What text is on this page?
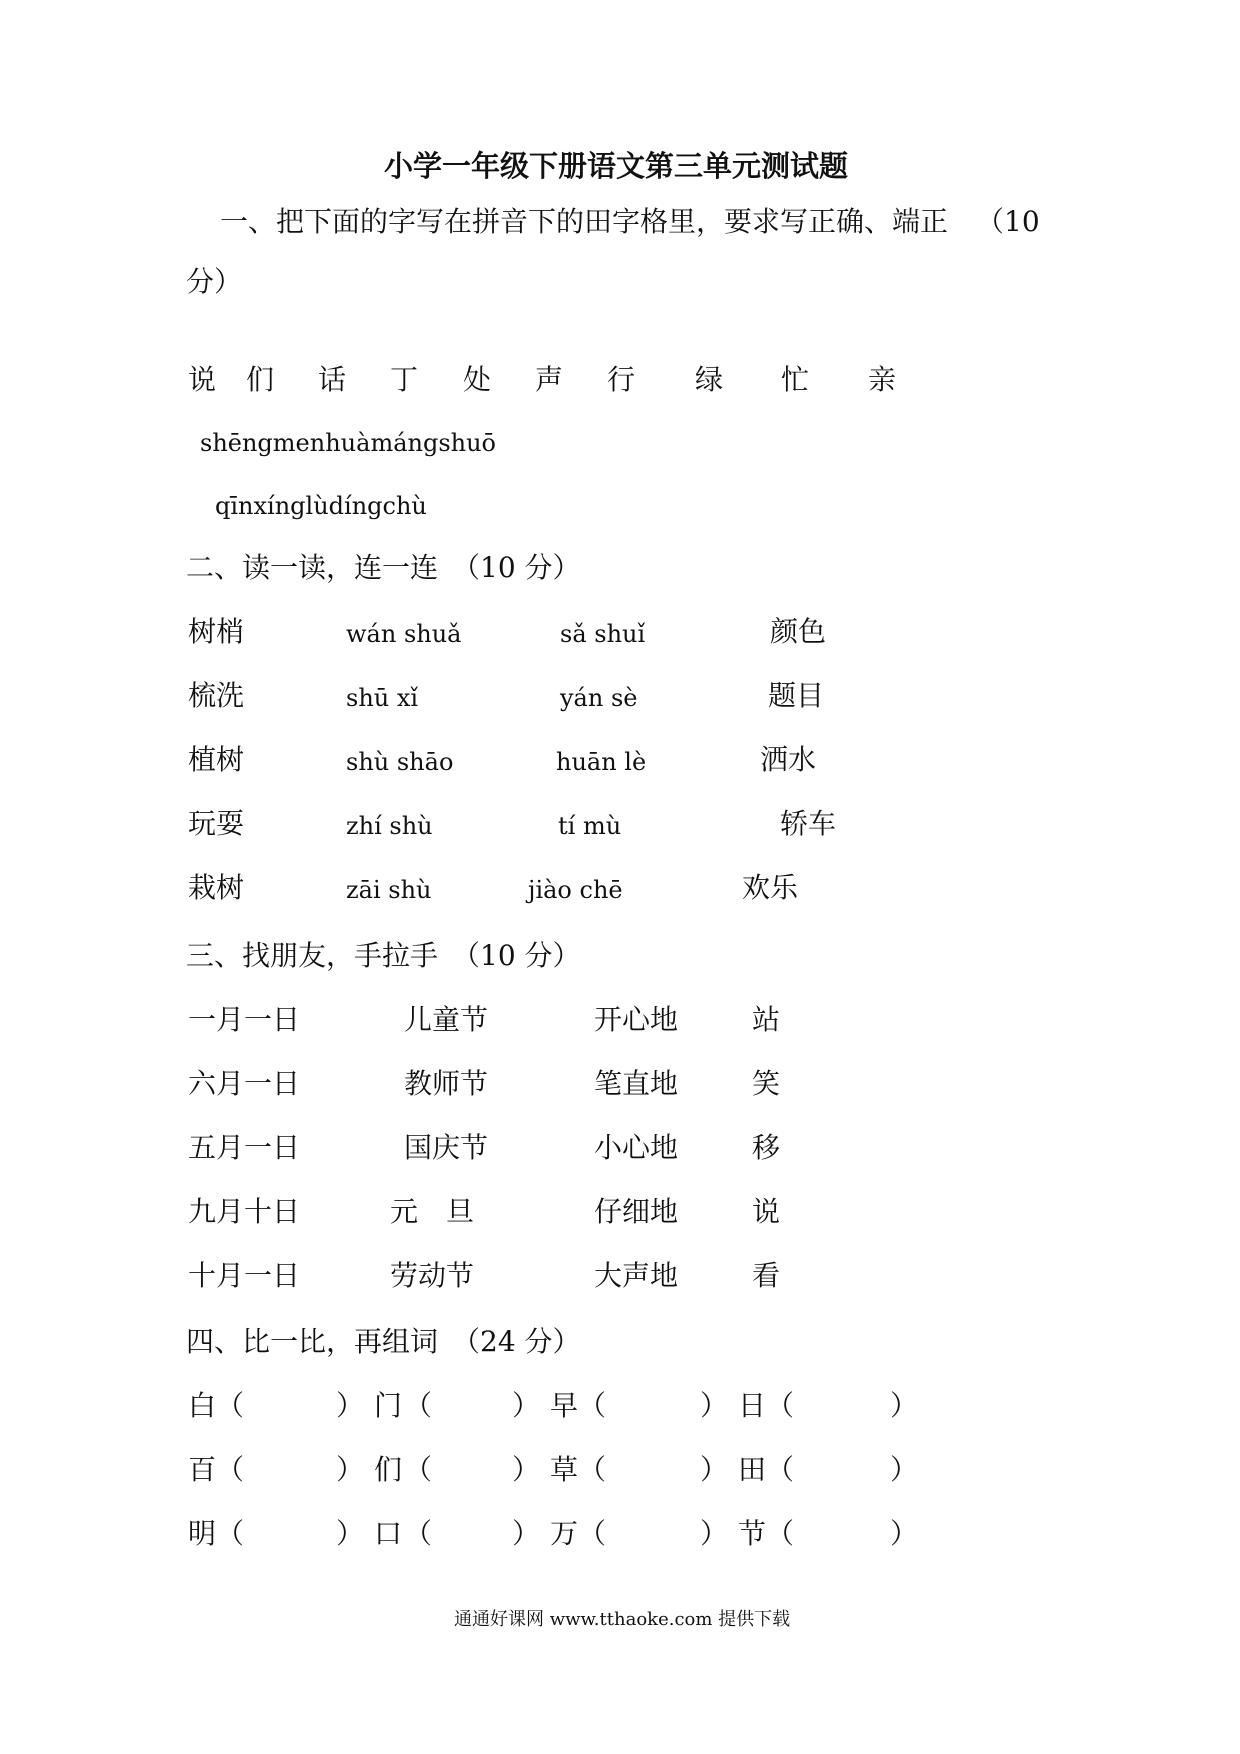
小学一年级下册语文第三单元测试题
一、把下面的字写在拼音下的田字格里，要求写正确、端正 （10
分）
说 们 话 丁 处 声 行 绿 忙 亲
shēngmenhuàmángshuō
qīnxínglùdíngchù
二、读一读，连一连　（10 分）
树梢	wán shuǎ	sǎ shuǐ	颜色
梳洗	shū xǐ	yán sè	题目
植树	shù shāo	huān lè	洒水
玩耍	zhí shù	tí mù	轿车
栽树	zāi shù	jiào chē	欢乐
三、找朋友，手拉手　（10 分）
一月一日	儿童节	开心地	站
六月一日	教师节	笔直地	笑
五月一日	国庆节	小心地	移
九月十日	元　旦	仔细地	说
十月一日	劳动节	大声地	看
四、比一比，再组词　（24 分）
白 （	） 门 （	） 早 （	） 日 （	）
百 （	） 们 （	） 草 （	） 田 （	）
明 （	） 口 （	） 万 （	） 节 （	）
通通好课网 www.tthaoke.com 提供下载
